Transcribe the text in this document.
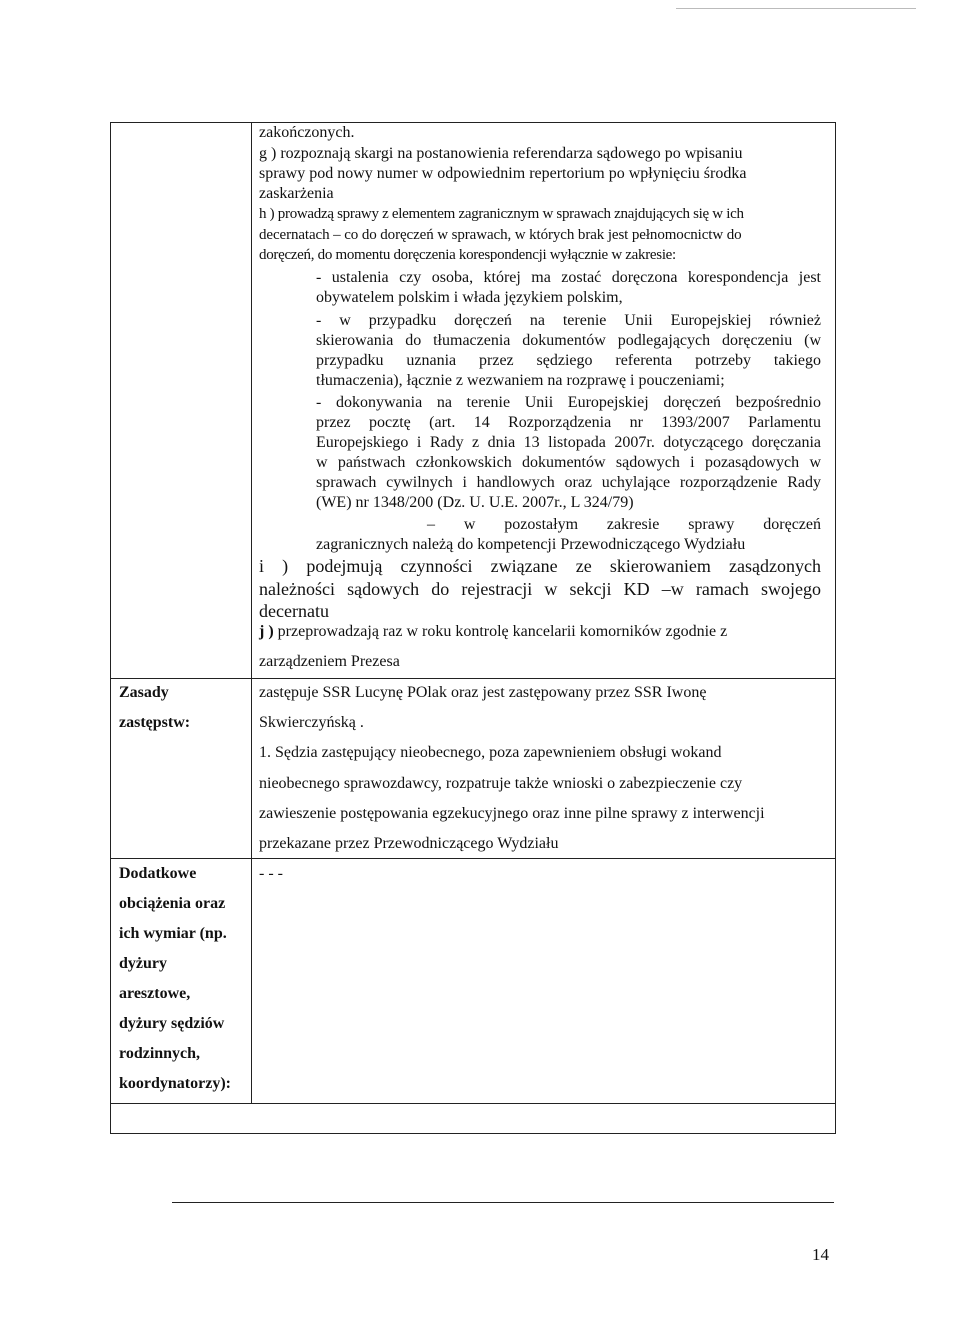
Zasady
zastępstw:
Dodatkowe
obciążenia oraz
ich wymiar (np.
dyżury
aresztowe,
dyżury sędziów
rodzinnych,
koordynatorzy):
zakończonych.
g ) rozpoznają skargi na postanowienia referendarza sądowego po wpisaniu
sprawy pod nowy numer w odpowiednim repertorium po wpłynięciu środka
zaskarżenia
h ) prowadzą sprawy z elementem zagranicznym w sprawach znajdujących się w ich
decernatach – co do doręczeń w sprawach, w których brak jest pełnomocnictw do
doręczeń, do momentu doręczenia korespondencji wyłącznie w zakresie:
- ustalenia czy osoba, której ma zostać doręczona korespondencja jest
obywatelem polskim i włada językiem polskim,
- w przypadku doręczeń na terenie Unii Europejskiej również
skierowania do tłumaczenia dokumentów podlegających doręczeniu (w
przypadku uznania przez sędziego referenta potrzeby takiego
tłumaczenia), łącznie z wezwaniem na rozprawę i pouczeniami;
- dokonywania na terenie Unii Europejskiej doręczeń bezpośrednio
przez pocztę (art. 14 Rozporządzenia nr 1393/2007 Parlamentu
Europejskiego i Rady z dnia 13 listopada 2007r. dotyczącego doręczania
w państwach członkowskich dokumentów sądowych i pozasądowych w
sprawach cywilnych i handlowych oraz uchylające rozporządzenie Rady
(WE) nr 1348/200 (Dz. U. U.E. 2007r., L 324/79)
– w pozostałym zakresie sprawy doręczeń
zagranicznych należą do kompetencji Przewodniczącego Wydziału
i ) podejmują czynności związane ze skierowaniem zasądzonych
należności sądowych do rejestracji w sekcji KD –w ramach swojego
decernatu
j ) przeprowadzają raz w roku kontrolę kancelarii komorników zgodnie z
zarządzeniem Prezesa
zastępuje SSR Lucynę POlak oraz jest zastępowany przez SSR Iwonę
Skwierczyńską .
1. Sędzia zastępujący nieobecnego, poza zapewnieniem obsługi wokand
nieobecnego sprawozdawcy, rozpatruje także wnioski o zabezpieczenie czy
zawieszenie postępowania egzekucyjnego oraz inne pilne sprawy z interwencji
przekazane przez Przewodniczącego Wydziału
- - -
14
